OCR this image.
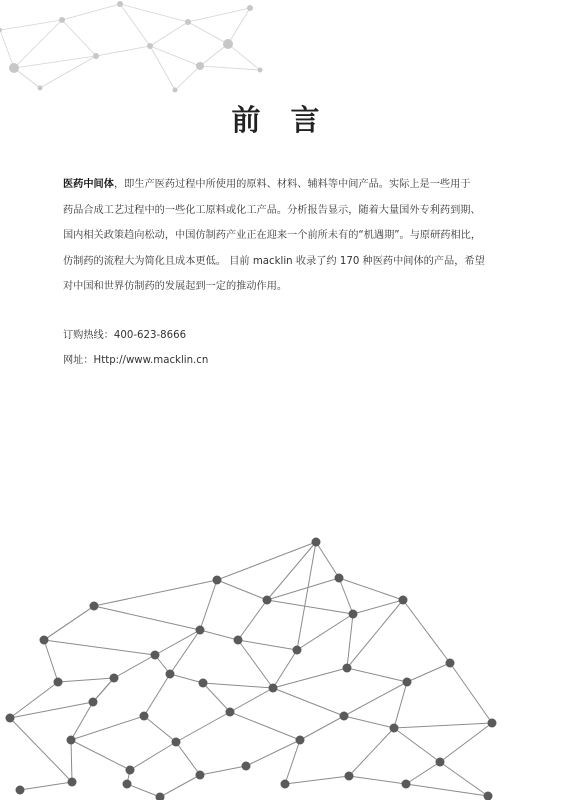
前 言
医药中间体，即生产医药过程中所使用的原料、材料、辅料等中间产品。实际上是一些用于
药品合成工艺过程中的一些化工原料或化工产品。分析报告显示，随着大量国外专利药到期、
国内相关政策趋向松动，中国仿制药产业正在迎来一个前所未有的“机遇期”。与原研药相比，
仿制药的流程大为简化且成本更低。 目前 macklin 收录了约 170 种医药中间体的产品，希望
对中国和世界仿制药的发展起到一定的推动作用。
订购热线：400-623-8666
网址：Http://www.macklin.cn
